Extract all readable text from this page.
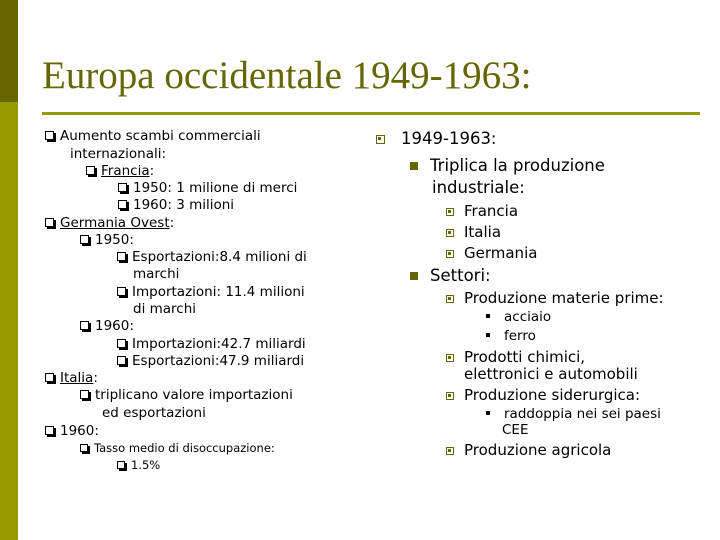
Europa occidentale 1949-1963:
Aumento scambi commerciali
internazionali:
Francia:
1950: 1 milione di merci
1960: 3 milioni
Germania Ovest:
1950:
Esportazioni:8.4 milioni di
marchi
Importazioni: 11.4 milioni
di marchi
1960:
Importazioni:42.7 miliardi
Esportazioni:47.9 miliardi
Italia:
triplicano valore importazioni
ed esportazioni
1960:
Tasso medio di disoccupazione:
1.5%
1949-1963:
Triplica la produzione
industriale:
Francia
Italia
Germania
Settori:
Produzione materie prime:
acciaio
ferro
Prodotti chimici,
elettronici e automobili
Produzione siderurgica:
raddoppia nei sei paesi
CEE
Produzione agricola
